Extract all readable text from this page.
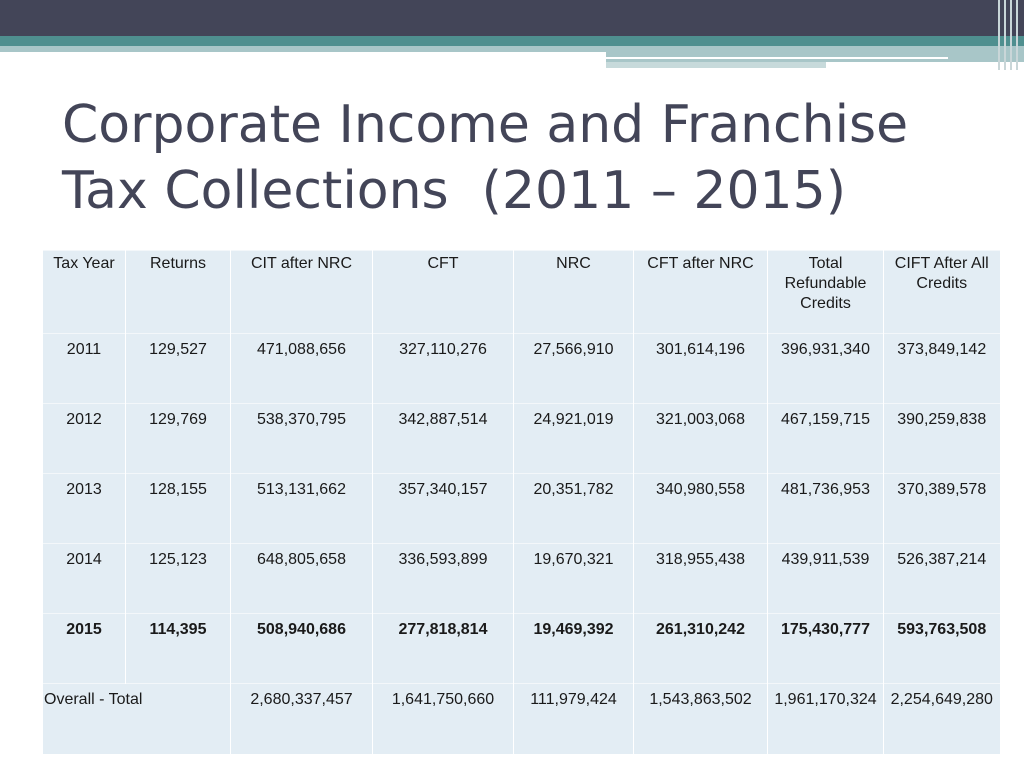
Corporate Income and Franchise
Tax Collections  (2011 – 2015)
Tax Year	Returns	CIT after NRC	CFT	NRC	CFT after NRC	Total Refundable Credits	CIFT After All Credits
2011	129,527	471,088,656	327,110,276	27,566,910	301,614,196	396,931,340	373,849,142
2012	129,769	538,370,795	342,887,514	24,921,019	321,003,068	467,159,715	390,259,838
2013	128,155	513,131,662	357,340,157	20,351,782	340,980,558	481,736,953	370,389,578
2014	125,123	648,805,658	336,593,899	19,670,321	318,955,438	439,911,539	526,387,214
2015	114,395	508,940,686	277,818,814	19,469,392	261,310,242	175,430,777	593,763,508
Overall - Total		2,680,337,457	1,641,750,660	111,979,424	1,543,863,502	1,961,170,324	2,254,649,280
